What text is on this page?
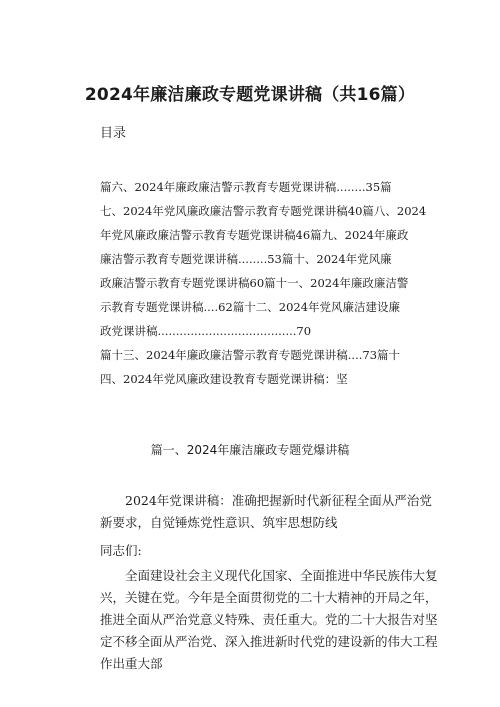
2024年廉洁廉政专题党课讲稿（共16篇）
目录
篇六、2024年廉政廉洁警示教育专题党课讲稿........35篇
七、2024年党风廉政廉洁警示教育专题党课讲稿40篇八、2024
年党风廉政廉洁警示教育专题党课讲稿46篇九、2024年廉政
廉洁警示教育专题党课讲稿........53篇十、2024年党风廉
政廉洁警示教育专题党课讲稿60篇十一、2024年廉政廉洁警
示教育专题党课讲稿....62篇十二、2024年党风廉洁建设廉
政党课讲稿......................................70
篇十三、2024年廉政廉洁警示教育专题党课讲稿....73篇十
四、2024年党风廉政建设教育专题党课讲稿：坚
篇一、2024年廉洁廉政专题党爆讲稿
2024年党课讲稿：准确把握新时代新征程全面从严治党新要求，自觉锤炼党性意识、筑牢思想防线
同志们:
全面建设社会主义现代化国家、全面推进中华民族伟大复兴，关键在党。今年是全面贯彻党的二十大精神的开局之年，推进全面从严治党意义特殊、责任重大。党的二十大报告对坚定不移全面从严治党、深入推进新时代党的建设新的伟大工程作出重大部
